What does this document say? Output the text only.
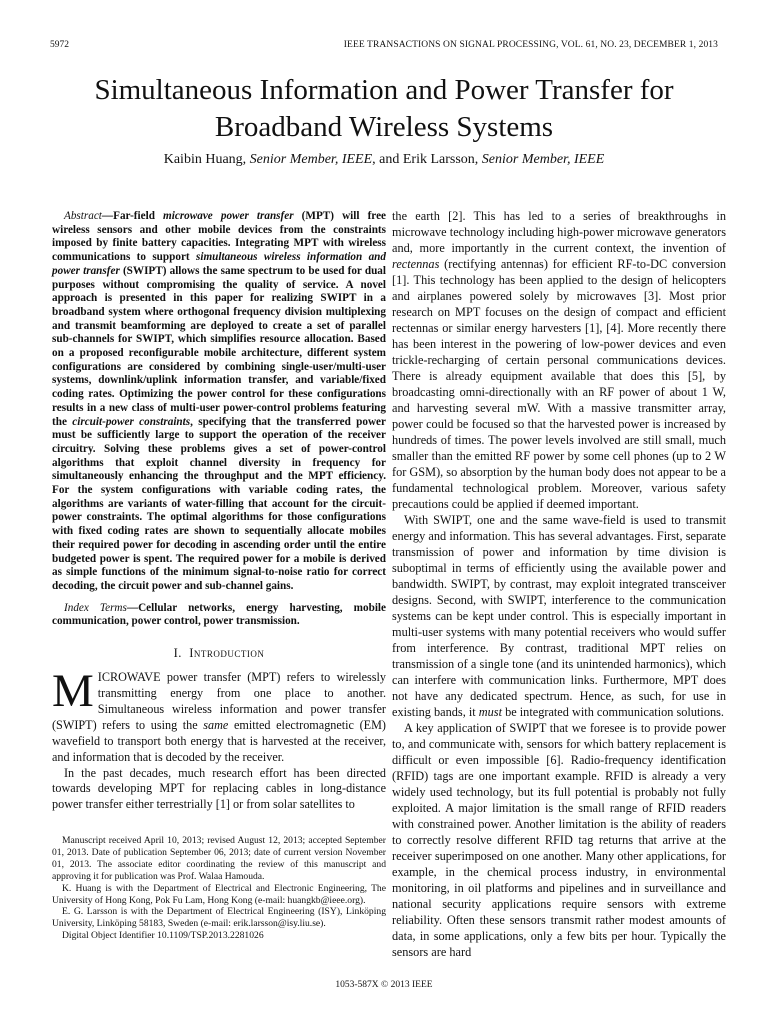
5972	IEEE TRANSACTIONS ON SIGNAL PROCESSING, VOL. 61, NO. 23, DECEMBER 1, 2013
Simultaneous Information and Power Transfer for
Broadband Wireless Systems
Kaibin Huang, Senior Member, IEEE, and Erik Larsson, Senior Member, IEEE

Abstract—Far-field microwave power transfer (MPT) will free wireless sensors and other mobile devices from the constraints imposed by finite battery capacities. Integrating MPT with wireless communications to support simultaneous wireless information and power transfer (SWIPT) allows the same spectrum to be used for dual purposes without compromising the quality of service. A novel approach is presented in this paper for realizing SWIPT in a broadband system where orthogonal frequency division multiplexing and transmit beamforming are deployed to create a set of parallel sub-channels for SWIPT, which simplifies resource allocation. Based on a proposed reconfigurable mobile architecture, different system configurations are considered by combining single-user/multi-user systems, downlink/uplink information transfer, and variable/fixed coding rates. Optimizing the power control for these configurations results in a new class of multi-user power-control problems featuring the circuit-power constraints, specifying that the transferred power must be sufficiently large to support the operation of the receiver circuitry. Solving these problems gives a set of power-control algorithms that exploit channel diversity in frequency for simultaneously enhancing the throughput and the MPT efficiency. For the system configurations with variable coding rates, the algorithms are variants of water-filling that account for the circuit-power constraints. The optimal algorithms for those configurations with fixed coding rates are shown to sequentially allocate mobiles their required power for decoding in ascending order until the entire budgeted power is spent. The required power for a mobile is derived as simple functions of the minimum signal-to-noise ratio for correct decoding, the circuit power and sub-channel gains.

Index Terms—Cellular networks, energy harvesting, mobile communication, power control, power transmission.

I. Introduction

MICROWAVE power transfer (MPT) refers to wirelessly transmitting energy from one place to another. Simultaneous wireless information and power transfer (SWIPT) refers to using the same emitted electromagnetic (EM) wavefield to transport both energy that is harvested at the receiver, and information that is decoded by the receiver.

In the past decades, much research effort has been directed towards developing MPT for replacing cables in long-distance power transfer either terrestrially [1] or from solar satellites to

Manuscript received April 10, 2013; revised August 12, 2013; accepted September 01, 2013. Date of publication September 06, 2013; date of current version November 01, 2013. The associate editor coordinating the review of this manuscript and approving it for publication was Prof. Walaa Hamouda.

K. Huang is with the Department of Electrical and Electronic Engineering, The University of Hong Kong, Pok Fu Lam, Hong Kong (e-mail: huangkb@ieee.org).

E. G. Larsson is with the Department of Electrical Engineering (ISY), Linköping University, Linköping 58183, Sweden (e-mail: erik.larsson@isy.liu.se).

Digital Object Identifier 10.1109/TSP.2013.2281026

the earth [2]. This has led to a series of breakthroughs in microwave technology including high-power microwave generators and, more importantly in the current context, the invention of rectennas (rectifying antennas) for efficient RF-to-DC conversion [1]. This technology has been applied to the design of helicopters and airplanes powered solely by microwaves [3]. Most prior research on MPT focuses on the design of compact and efficient rectennas or similar energy harvesters [1], [4]. More recently there has been interest in the powering of low-power devices and even trickle-recharging of certain personal communications devices. There is already equipment available that does this [5], by broadcasting omni-directionally with an RF power of about 1 W, and harvesting several mW. With a massive transmitter array, power could be focused so that the harvested power is increased by hundreds of times. The power levels involved are still small, much smaller than the emitted RF power by some cell phones (up to 2 W for GSM), so absorption by the human body does not appear to be a fundamental technological problem. Moreover, various safety precautions could be applied if deemed important.

With SWIPT, one and the same wave-field is used to transmit energy and information. This has several advantages. First, separate transmission of power and information by time division is suboptimal in terms of efficiently using the available power and bandwidth. SWIPT, by contrast, may exploit integrated transceiver designs. Second, with SWIPT, interference to the communication systems can be kept under control. This is especially important in multi-user systems with many potential receivers who would suffer from interference. By contrast, traditional MPT relies on transmission of a single tone (and its unintended harmonics), which can interfere with communication links. Furthermore, MPT does not have any dedicated spectrum. Hence, as such, for use in existing bands, it must be integrated with communication solutions.

A key application of SWIPT that we foresee is to provide power to, and communicate with, sensors for which battery replacement is difficult or even impossible [6]. Radio-frequency identification (RFID) tags are one important example. RFID is already a very widely used technology, but its full potential is probably not fully exploited. A major limitation is the small range of RFID readers with constrained power. Another limitation is the ability of readers to correctly resolve different RFID tag returns that arrive at the receiver superimposed on one another. Many other applications, for example, in the chemical process industry, in environmental monitoring, in oil platforms and pipelines and in surveillance and national security applications require sensors with extreme reliability. Often these sensors transmit rather modest amounts of data, in some applications, only a few bits per hour. Typically the sensors are hard

1053-587X © 2013 IEEE
